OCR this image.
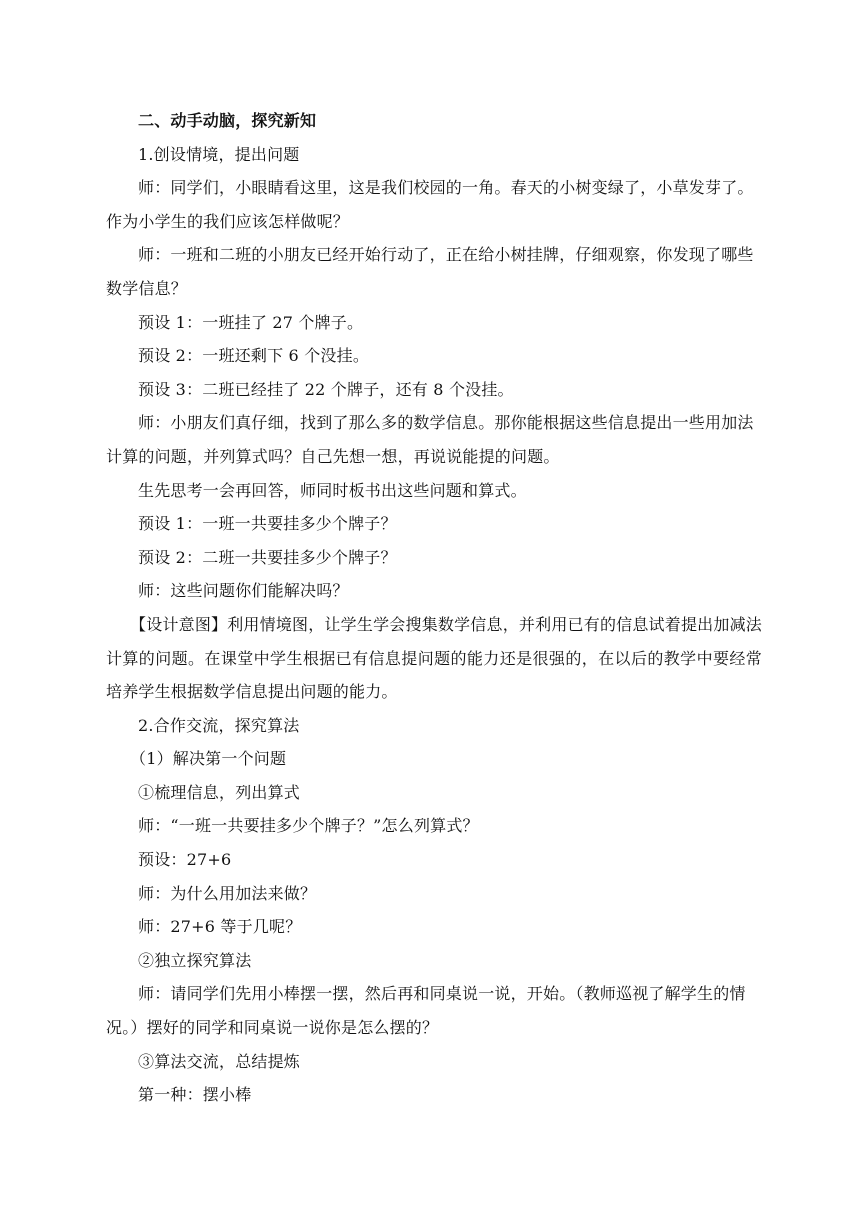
二、动手动脑，探究新知

1.创设情境，提出问题

师：同学们，小眼睛看这里，这是我们校园的一角。春天的小树变绿了，小草发芽了。作为小学生的我们应该怎样做呢？

师：一班和二班的小朋友已经开始行动了，正在给小树挂牌，仔细观察，你发现了哪些数学信息？

预设 1：一班挂了 27 个牌子。

预设 2：一班还剩下 6 个没挂。

预设 3：二班已经挂了 22 个牌子，还有 8 个没挂。

师：小朋友们真仔细，找到了那么多的数学信息。那你能根据这些信息提出一些用加法计算的问题，并列算式吗？自己先想一想，再说说能提的问题。

生先思考一会再回答，师同时板书出这些问题和算式。

预设 1：一班一共要挂多少个牌子？

预设 2：二班一共要挂多少个牌子？

师：这些问题你们能解决吗？

【设计意图】利用情境图，让学生学会搜集数学信息，并利用已有的信息试着提出加减法计算的问题。在课堂中学生根据已有信息提问题的能力还是很强的，在以后的教学中要经常培养学生根据数学信息提出问题的能力。

2.合作交流，探究算法

（1）解决第一个问题

①梳理信息，列出算式

师：“一班一共要挂多少个牌子？”怎么列算式？

预设：27+6

师：为什么用加法来做？

师：27+6 等于几呢？

②独立探究算法

师：请同学们先用小棒摆一摆，然后再和同桌说一说，开始。（教师巡视了解学生的情况。）摆好的同学和同桌说一说你是怎么摆的？

③算法交流，总结提炼

第一种：摆小棒
